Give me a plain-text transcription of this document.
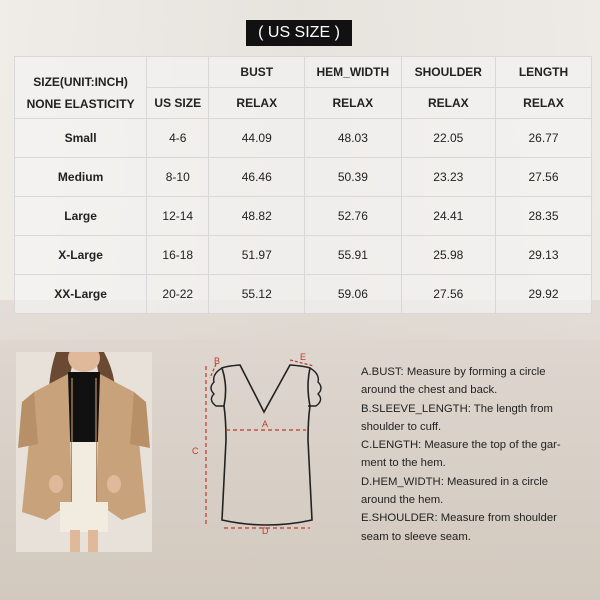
( US SIZE )
SIZE(UNIT:INCH)
NONE ELASTICITY		BUST	HEM_WIDTH	SHOULDER	LENGTH
	US SIZE	RELAX	RELAX	RELAX	RELAX
Small	4-6	44.09	48.03	22.05	26.77
Medium	8-10	46.46	50.39	23.23	27.56
Large	12-14	48.82	52.76	24.41	28.35
X-Large	16-18	51.97	55.91	25.98	29.13
XX-Large	20-22	55.12	59.06	27.56	29.92
A
B
C
D
E
A.BUST: Measure by forming a circle
around the chest and back.
B.SLEEVE_LENGTH: The length from
shoulder to cuff.
C.LENGTH: Measure the top of the gar-
ment to the hem.
D.HEM_WIDTH: Measured in a circle
around the hem.
E.SHOULDER: Measure from shoulder
seam to sleeve seam.
